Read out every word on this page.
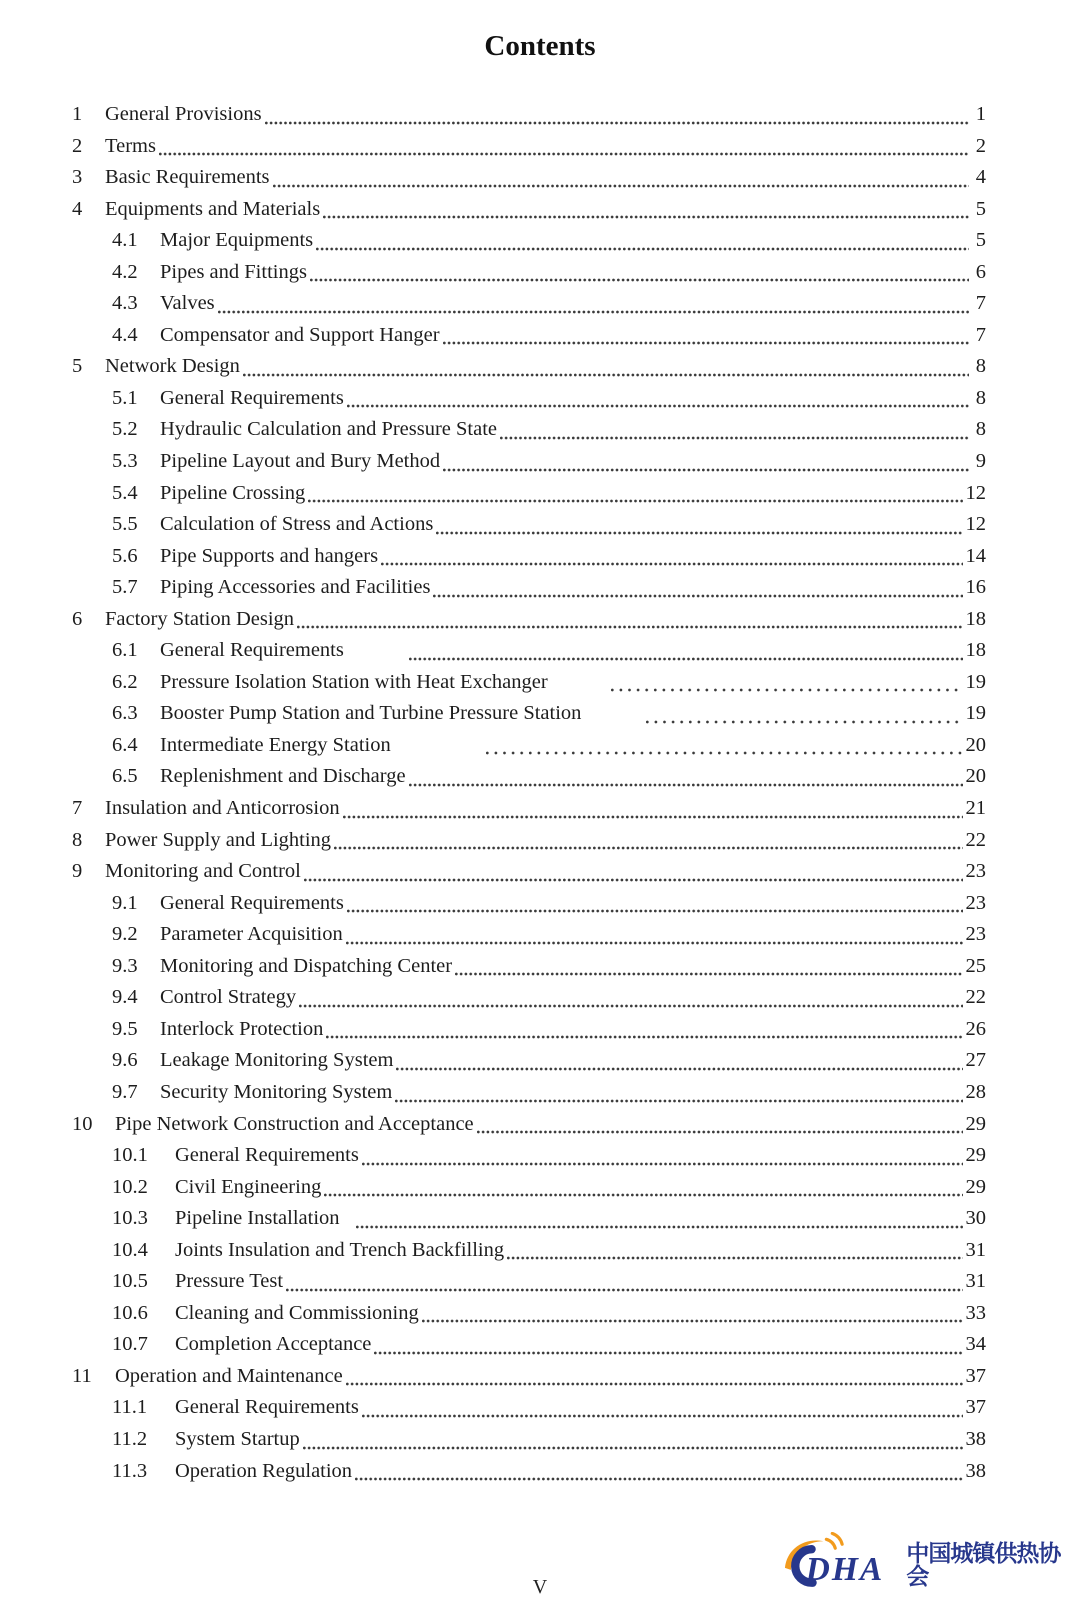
Contents
1	General Provisions	1
2	Terms	2
3	Basic Requirements	4
4	Equipments and Materials	5
4.1	Major Equipments	5
4.2	Pipes and Fittings	6
4.3	Valves	7
4.4	Compensator and Support Hanger	7
5	Network Design	8
5.1	General Requirements	8
5.2	Hydraulic Calculation and Pressure State	8
5.3	Pipeline Layout and Bury Method	9
5.4	Pipeline Crossing	12
5.5	Calculation of Stress and Actions	12
5.6	Pipe Supports and hangers	14
5.7	Piping Accessories and Facilities	16
6	Factory Station Design	18
6.1	General Requirements	18
6.2	Pressure Isolation Station with Heat Exchanger	19
6.3	Booster Pump Station and Turbine Pressure Station	19
6.4	Intermediate Energy Station	20
6.5	Replenishment and Discharge	20
7	Insulation and Anticorrosion	21
8	Power Supply and Lighting	22
9	Monitoring and Control	23
9.1	General Requirements	23
9.2	Parameter Acquisition	23
9.3	Monitoring and Dispatching Center	25
9.4	Control Strategy	22
9.5	Interlock Protection	26
9.6	Leakage Monitoring System	27
9.7	Security Monitoring System	28
10	Pipe Network Construction and Acceptance	29
10.1	General Requirements	29
10.2	Civil Engineering	29
10.3	Pipeline Installation	30
10.4	Joints Insulation and Trench Backfilling	31
10.5	Pressure Test	31
10.6	Cleaning and Commissioning	33
10.7	Completion Acceptance	34
11	Operation and Maintenance	37
11.1	General Requirements	37
11.2	System Startup	38
11.3	Operation Regulation	38
DHA 中国城镇供热协会
V
